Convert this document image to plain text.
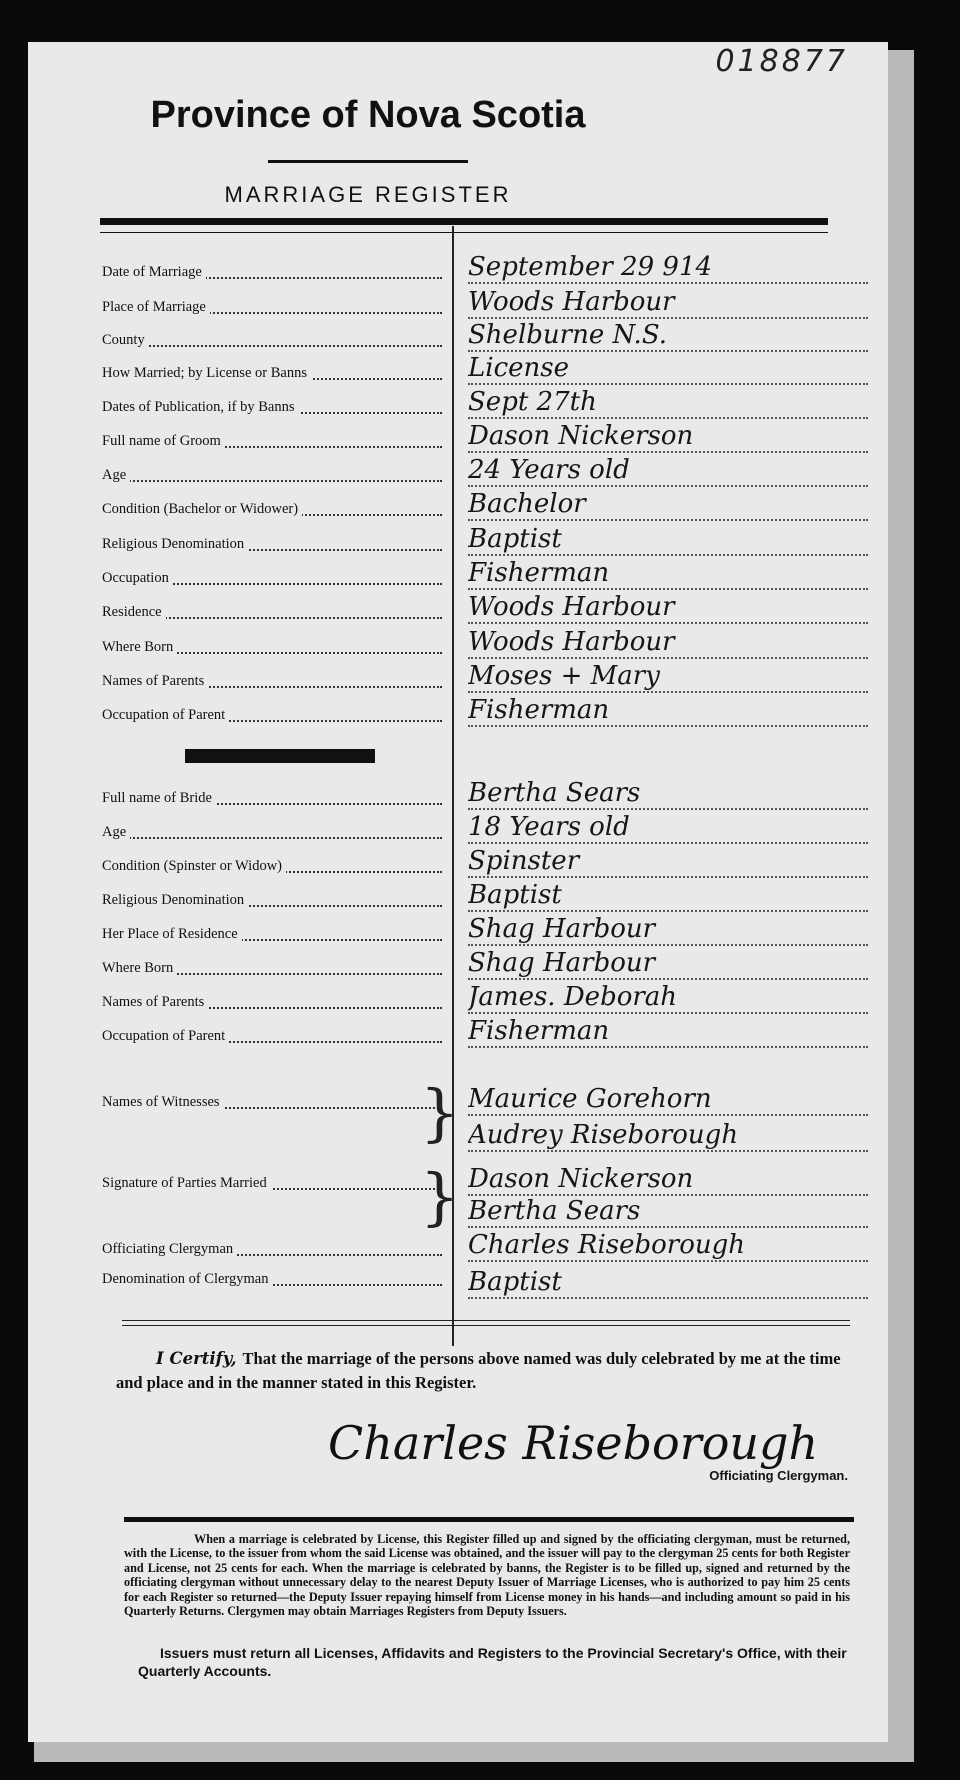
018877
Province of Nova Scotia
MARRIAGE REGISTER
Date of Marriage	September 29 914
Place of Marriage	Woods Harbour
County	Shelburne N.S.
How Married; by License or Banns	License
Dates of Publication, if by Banns	Sept 27th
Full name of Groom	Dason Nickerson
Age	24 Years old
Condition (Bachelor or Widower)	Bachelor
Religious Denomination	Baptist
Occupation	Fisherman
Residence	Woods Harbour
Where Born	Woods Harbour
Names of Parents	Moses + Mary
Occupation of Parent	Fisherman
Full name of Bride	Bertha Sears
Age	18 Years old
Condition (Spinster or Widow)	Spinster
Religious Denomination	Baptist
Her Place of Residence	Shag Harbour
Where Born	Shag Harbour
Names of Parents	James. Deborah
Occupation of Parent	Fisherman
Names of Witnesses	Maurice Gorehorn
Audrey Riseborough
Signature of Parties Married	Dason Nickerson
Bertha Sears
Officiating Clergyman	Charles Riseborough
Denomination of Clergyman	Baptist
}
}
I Certify, That the marriage of the persons above named was duly celebrated by me at the time and place and in the manner stated in this Register.
Charles Riseborough
Officiating Clergyman.
When a marriage is celebrated by License, this Register filled up and signed by the officiating clergyman, must be returned, with the License, to the issuer from whom the said License was obtained, and the issuer will pay to the clergyman 25 cents for both Register and License, not 25 cents for each. When the marriage is celebrated by banns, the Register is to be filled up, signed and returned by the officiating clergyman without unnecessary delay to the nearest Deputy Issuer of Marriage Licenses, who is authorized to pay him 25 cents for each Register so returned—the Deputy Issuer repaying himself from License money in his hands—and including amount so paid in his Quarterly Returns. Clergymen may obtain Marriages Registers from Deputy Issuers.
Issuers must return all Licenses, Affidavits and Registers to the Provincial Secretary's Office, with their Quarterly Accounts.
